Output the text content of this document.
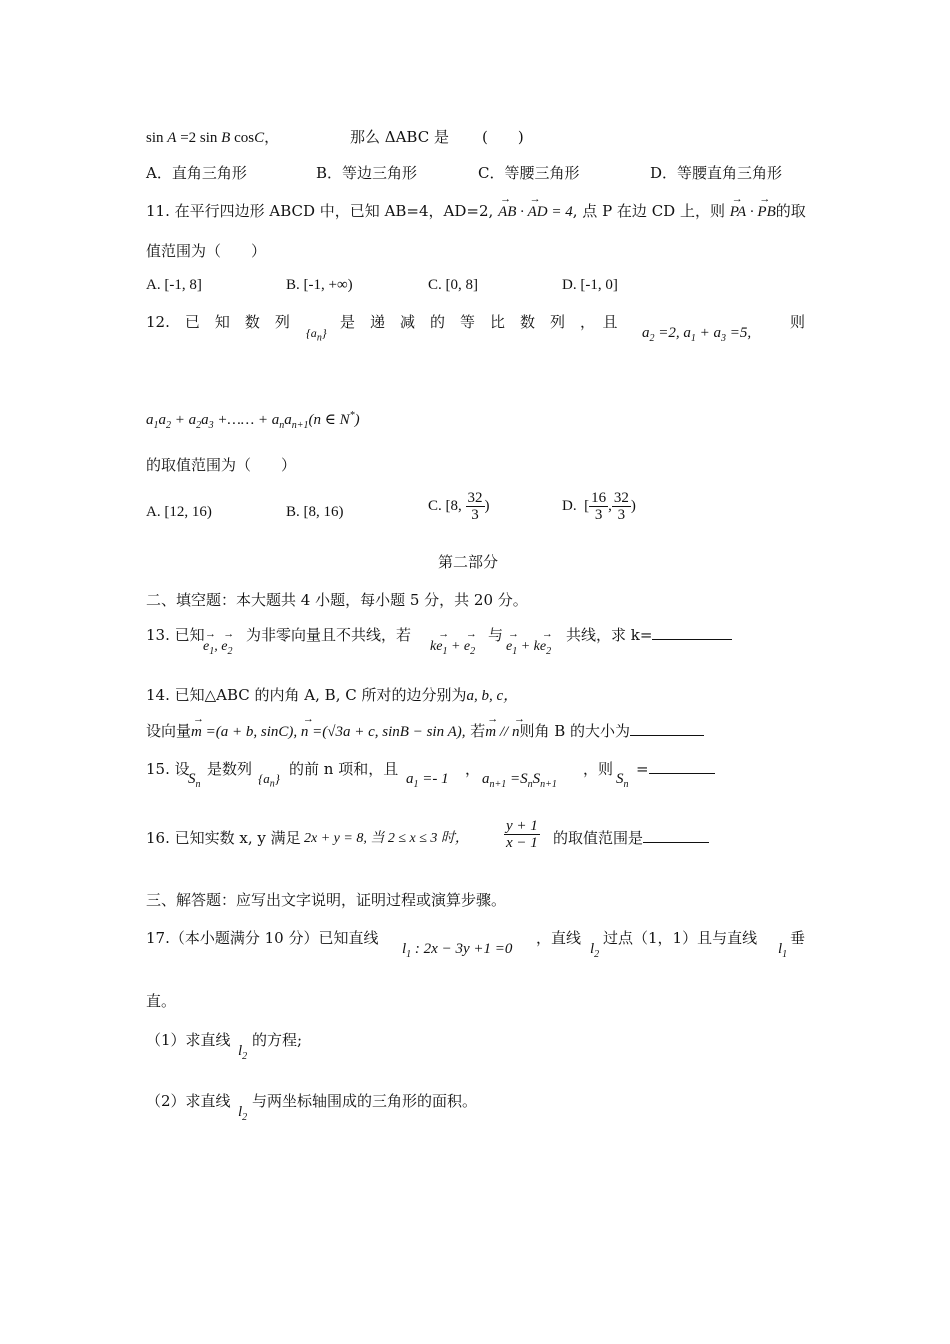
sin A =2 sin B cosC，	那么 ΔABC 是 (　　)
A．直角三角形	B．等边三角形	C．等腰三角形	D．等腰直角三角形
11. 在平行四边形 ABCD 中，已知 AB=4，AD=2, → AB · → AD = 4, 点 P 在边 CD 上，则 → PA · → PB的取
值范围为（　　）
A. [-1, 8]	B. [-1, +∞)	C. [0, 8]	D. [-1, 0]
12.　已　知　数　列
$\{a_n\}$
是　递　减　的　等　比　数　列　，　且
$a_2 =2$, $a_1 + a_3 =5$,
则
$a_1a_2 + a_2a_3$ +…… + $a_na_{n+1}(n$ ∈ N*)
的取值范围为（　　）
A. [12, 16)	B. [8, 16)	C. [8, $\frac{32}{3}$ )	D.  [ $\frac{16}{3}$ , $\frac{32}{3}$ )
第二部分
二、填空题：本大题共 4 小题，每小题 5 分，共 20 分。
13. 已知
→ $e_1$, → $e_2$
为非零向量且不共线，若
$k\to e_1$ + → $e_2$
与
→ $e_1 + k\to e_2$
共线，求 k=
14. 已知△ABC 的内角 A, B, C 所对的边分别为a, b, c，
设向量→ m =(a + b, sinC), → n =(√3a + c, sinB − sin A), 若→ m // → n则角 B 的大小为
15. 设
$S_n$
是数列
$\{a_n\}$
的前 n 项和，且
$a_1 =- 1$
，
$a_{n+1} =S_nS_{n+1}$
，则
$S_n$
=
16. 已知实数 x, y 满足 2x + y = 8, 当 2 ≤ x ≤ 3 时， $\frac{y + 1}{x - 1}$ 的取值范围是
三、解答题：应写出文字说明，证明过程或演算步骤。
17.（本小题满分 10 分）已知直线
$l_1$ : 2x − 3y +1 =0
，直线
$l_2$
过点（1，1）且与直线
$l_1$
垂
直。
（1）求直线
$l_2$
的方程;
（2）求直线
$l_2$
与两坐标轴围成的三角形的面积。
